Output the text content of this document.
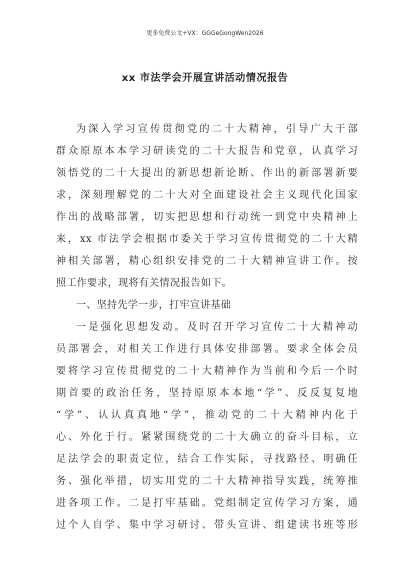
更多免费公文+VX：GGGeGongWen2026
xx 市法学会开展宣讲活动情况报告
为深入学习宣传贯彻党的二十大精神，引导广大干部
群众原原本本学习研读党的二十大报告和党章，认真学习
领悟党的二十大提出的新思想新论断、作出的新部署新要
求，深刻理解党的二十大对全面建设社会主义现代化国家
作出的战略部署，切实把思想和行动统一到党中央精神上
来，xx 市法学会根据市委关于学习宣传贯彻党的二十大精
神相关部署，精心组织安排党的二十大精神宣讲工作。按
照工作要求，现将有关情况报告如下。
一、坚持先学一步，打牢宣讲基础
一是强化思想发动。及时召开学习宣传二十大精神动
员部署会，对相关工作进行具体安排部署。要求全体会员
要将学习宣传贯彻党的二十大精神作为当前和今后一个时
期首要的政治任务，坚持原原本本地“学”、反反复复地
“学”、认认真真地“学”，推动党的二十大精神内化于
心、外化于行。紧紧围绕党的二十大确立的奋斗目标，立
足法学会的职责定位，结合工作实际，寻找路径、明确任
务、强化举措，切实用党的二十大精神指导实践，统筹推
进各项工作。二是打牢基础。党组制定宣传学习方案，通
过个人自学、集中学习研讨、带头宣讲、组建读书班等形
